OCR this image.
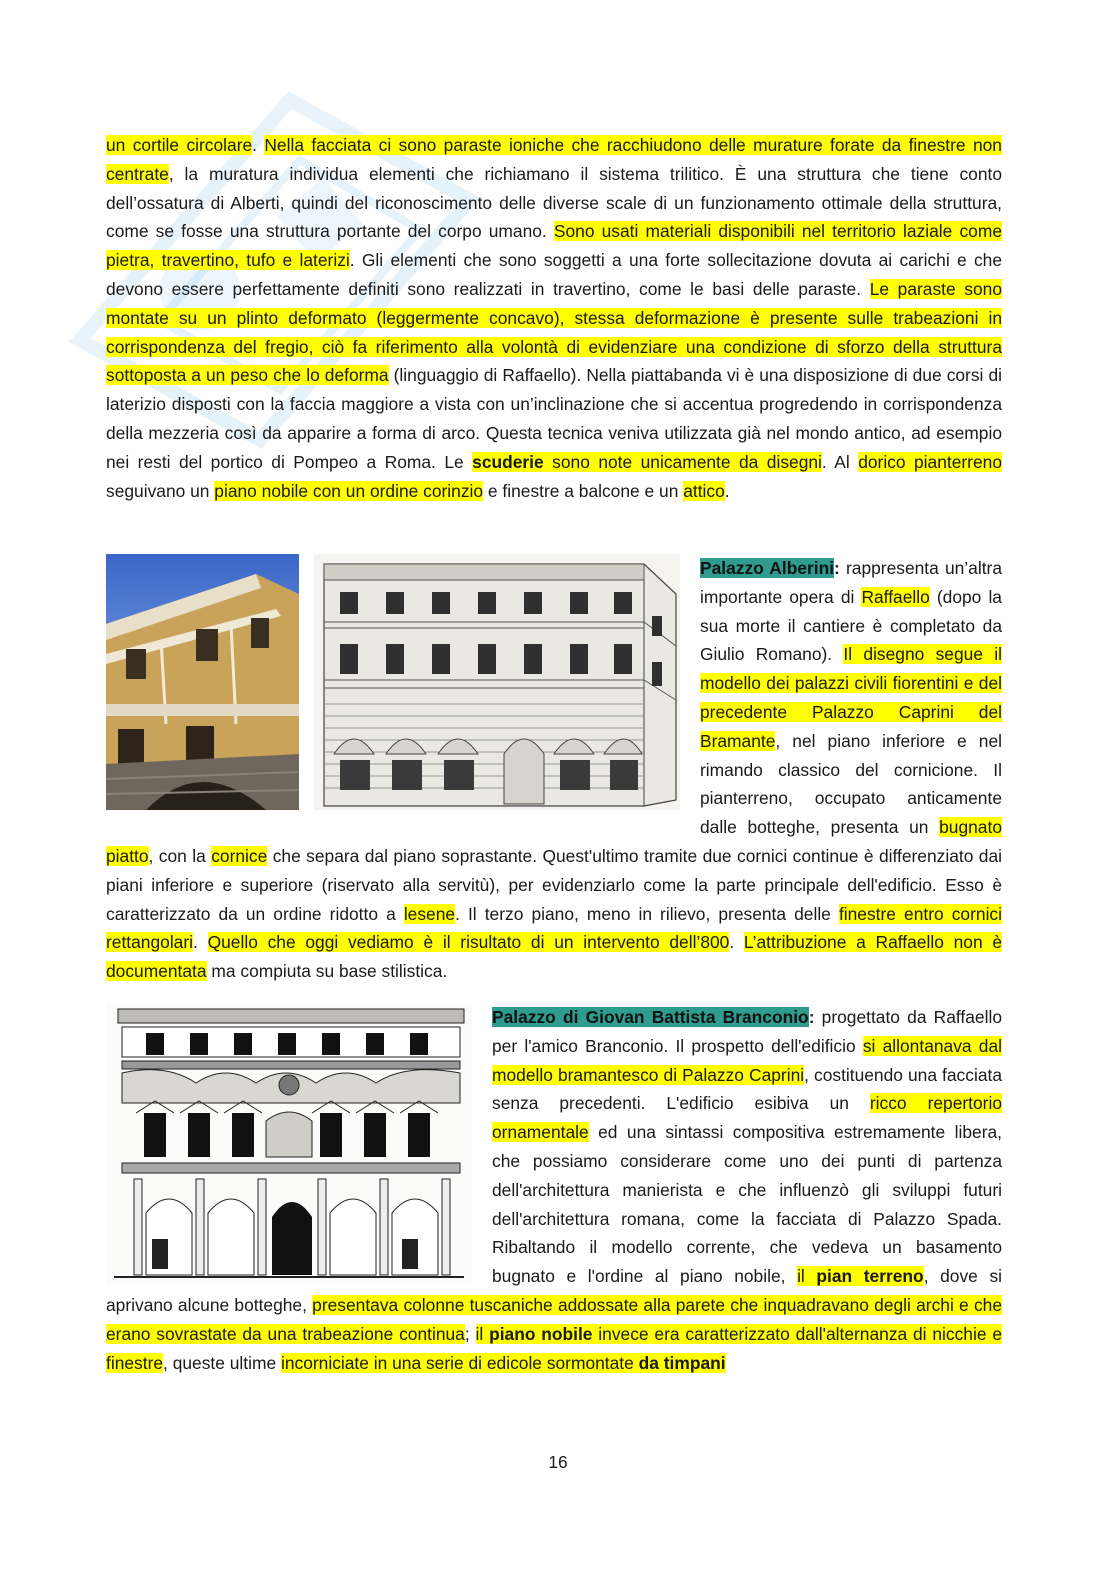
un cortile circolare. Nella facciata ci sono paraste ioniche che racchiudono delle murature forate da finestre non centrate, la muratura individua elementi che richiamano il sistema trilitico. È una struttura che tiene conto dell’ossatura di Alberti, quindi del riconoscimento delle diverse scale di un funzionamento ottimale della struttura, come se fosse una struttura portante del corpo umano. Sono usati materiali disponibili nel territorio laziale come pietra, travertino, tufo e laterizi. Gli elementi che sono soggetti a una forte sollecitazione dovuta ai carichi e che devono essere perfettamente definiti sono realizzati in travertino, come le basi delle paraste. Le paraste sono montate su un plinto deformato (leggermente concavo), stessa deformazione è presente sulle trabeazioni in corrispondenza del fregio, ciò fa riferimento alla volontà di evidenziare una condizione di sforzo della struttura sottoposta a un peso che lo deforma (linguaggio di Raffaello). Nella piattabanda vi è una disposizione di due corsi di laterizio disposti con la faccia maggiore a vista con un’inclinazione che si accentua progredendo in corrispondenza della mezzeria così da apparire a forma di arco. Questa tecnica veniva utilizzata già nel mondo antico, ad esempio nei resti del portico di Pompeo a Roma. Le scuderie sono note unicamente da disegni. Al dorico pianterreno seguivano un piano nobile con un ordine corinzio e finestre a balcone e un attico.
Palazzo Alberini: rappresenta un’altra importante opera di Raffaello (dopo la sua morte il cantiere è completato da Giulio Romano). Il disegno segue il modello dei palazzi civili fiorentini e del precedente Palazzo Caprini del Bramante, nel piano inferiore e nel rimando classico del cornicione. Il pianterreno, occupato anticamente dalle botteghe, presenta un bugnato piatto, con la cornice che separa dal piano soprastante. Quest'ultimo tramite due cornici continue è differenziato dai piani inferiore e superiore (riservato alla servitù), per evidenziarlo come la parte principale dell'edificio. Esso è caratterizzato da un ordine ridotto a lesene. Il terzo piano, meno in rilievo, presenta delle finestre entro cornici rettangolari. Quello che oggi vediamo è il risultato di un intervento dell’800. L’attribuzione a Raffaello non è documentata ma compiuta su base stilistica.
Palazzo di Giovan Battista Branconio: progettato da Raffaello per l'amico Branconio. Il prospetto dell'edificio si allontanava dal modello bramantesco di Palazzo Caprini, costituendo una facciata senza precedenti. L'edificio esibiva un ricco repertorio ornamentale ed una sintassi compositiva estremamente libera, che possiamo considerare come uno dei punti di partenza dell'architettura manierista e che influenzò gli sviluppi futuri dell'architettura romana, come la facciata di Palazzo Spada. Ribaltando il modello corrente, che vedeva un basamento bugnato e l'ordine al piano nobile, il pian terreno, dove si aprivano alcune botteghe, presentava colonne tuscaniche addossate alla parete che inquadravano degli archi e che erano sovrastate da una trabeazione continua; il piano nobile invece era caratterizzato dall'alternanza di nicchie e finestre, queste ultime incorniciate in una serie di edicole sormontate da timpani
16
